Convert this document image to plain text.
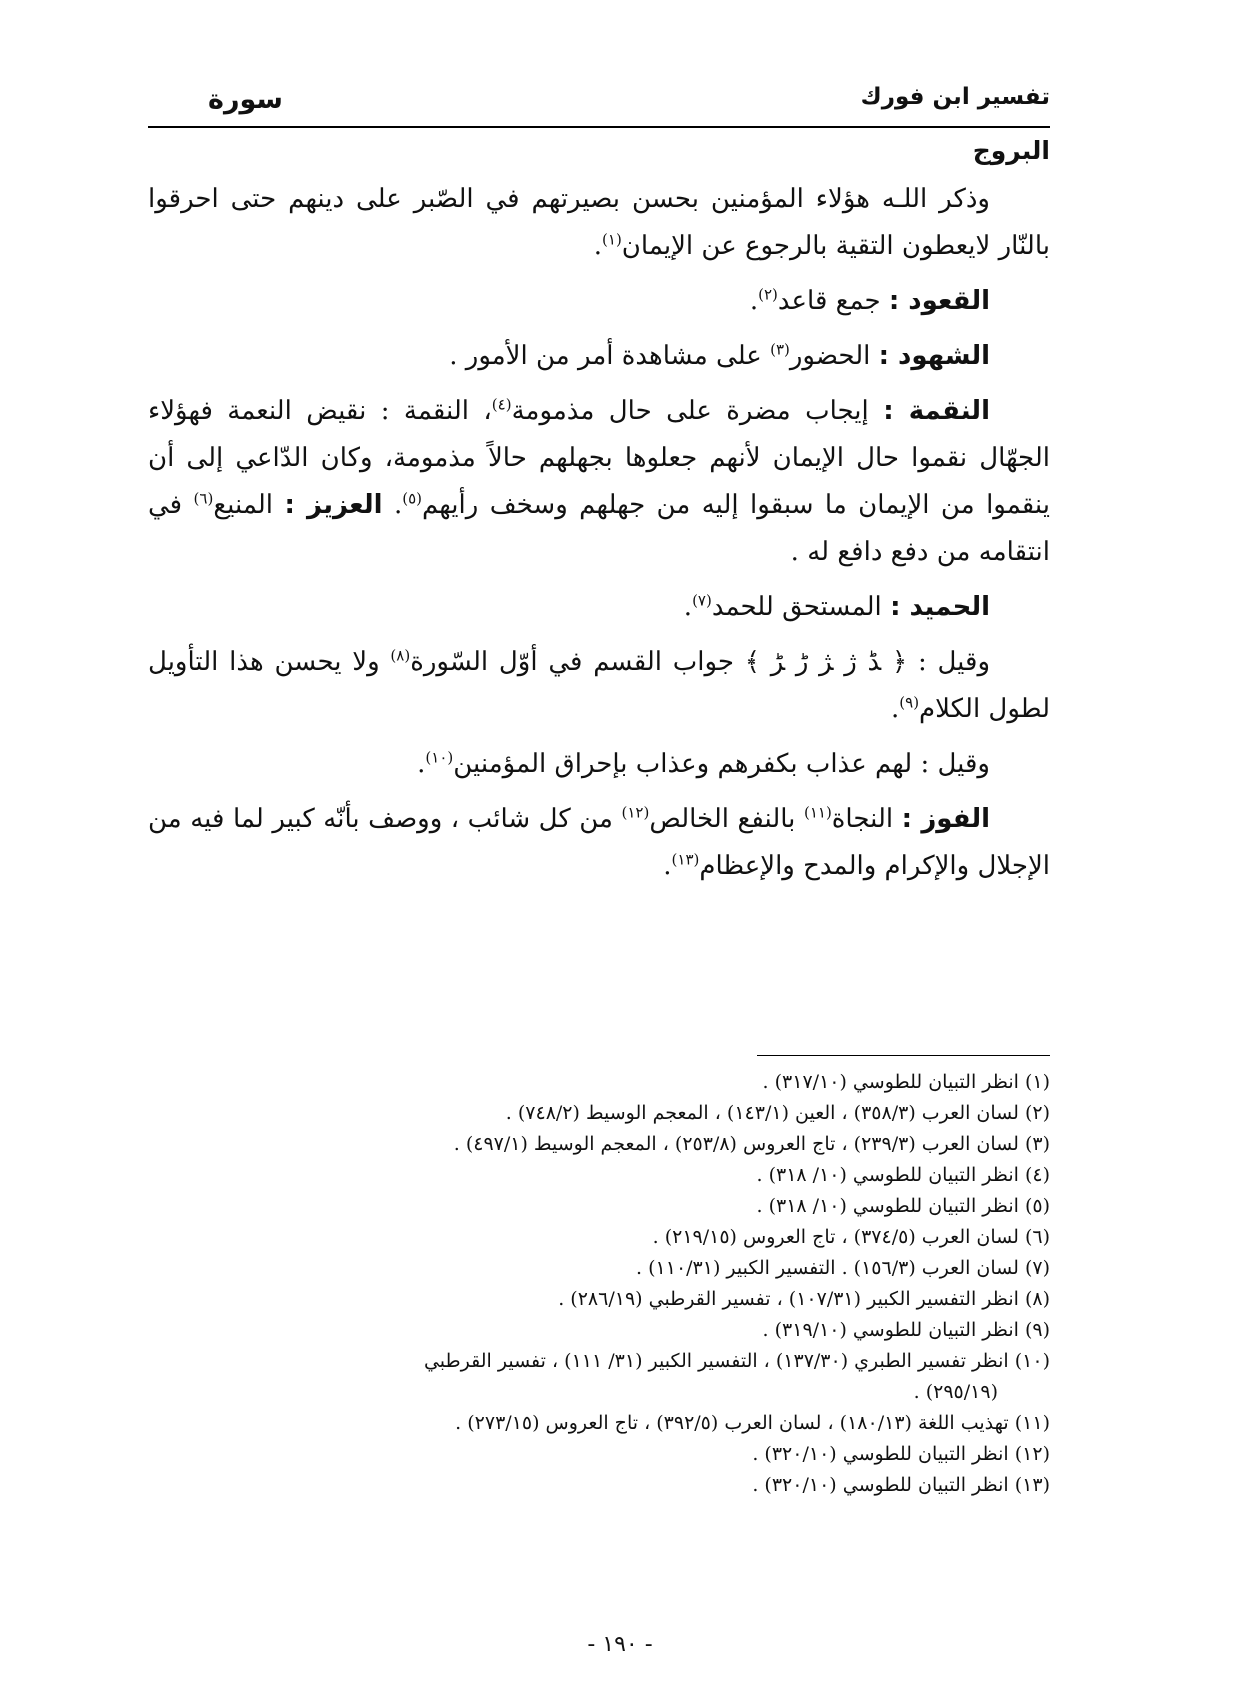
تفسير ابن فورك
سورة
البروج

وذكر اللـه هؤلاء المؤمنين بحسن بصيرتهم في الصّبر على دينهم حتى احرقوا بالنّار لايعطون التقية بالرجوع عن الإيمان$^{(١)}$.

القعود : جمع قاعد$^{(٢)}$.

الشهود : الحضور$^{(٣)}$ على مشاهدة أمر من الأمور .

النقمة : إيجاب مضرة على حال مذمومة$^{(٤)}$، النقمة : نقيض النعمة فهؤلاء الجهّال نقموا حال الإيمان لأنهم جعلوها بجهلهم حالاً مذمومة، وكان الدّاعي إلى أن ينقموا من الإيمان ما سبقوا إليه من جهلهم وسخف رأيهم$^{(٥)}$. العزيز : المنيع$^{(٦)}$ في انتقامه من دفع دافع له .

الحميد : المستحق للحمد$^{(٧)}$.

وقيل : ﴿ ﮉ ﮊ ﮋ ﮌ ﮍ ﴾ جواب القسم في أوّل السّورة$^{(٨)}$ ولا يحسن هذا التأويل لطول الكلام$^{(٩)}$.

وقيل : لهم عذاب بكفرهم وعذاب بإحراق المؤمنين$^{(١٠)}$.

الفوز : النجاة$^{(١١)}$ بالنفع الخالص$^{(١٢)}$ من كل شائب ، ووصف بأنّه كبير لما فيه من الإجلال والإكرام والمدح والإعظام$^{(١٣)}$.

(١) انظر التبيان للطوسي (٣١٧/١٠) .
(٢) لسان العرب (٣٥٨/٣) ، العين (١٤٣/١) ، المعجم الوسيط (٧٤٨/٢) .
(٣) لسان العرب (٢٣٩/٣) ، تاج العروس (٢٥٣/٨) ، المعجم الوسيط (٤٩٧/١) .
(٤) انظر التبيان للطوسي (١٠/ ٣١٨) .
(٥) انظر التبيان للطوسي (١٠/ ٣١٨) .
(٦) لسان العرب (٣٧٤/٥) ، تاج العروس (٢١٩/١٥) .
(٧) لسان العرب (١٥٦/٣) . التفسير الكبير (١١٠/٣١) .
(٨) انظر التفسير الكبير (١٠٧/٣١) ، تفسير القرطبي (٢٨٦/١٩) .
(٩) انظر التبيان للطوسي (٣١٩/١٠) .
(١٠) انظر تفسير الطبري (١٣٧/٣٠) ، التفسير الكبير (٣١/ ١١١) ، تفسير القرطبي
(٢٩٥/١٩) .
(١١) تهذيب اللغة (١٨٠/١٣) ، لسان العرب (٣٩٢/٥) ، تاج العروس (٢٧٣/١٥) .
(١٢) انظر التبيان للطوسي (٣٢٠/١٠) .
(١٣) انظر التبيان للطوسي (٣٢٠/١٠) .
- ١٩٠ -
